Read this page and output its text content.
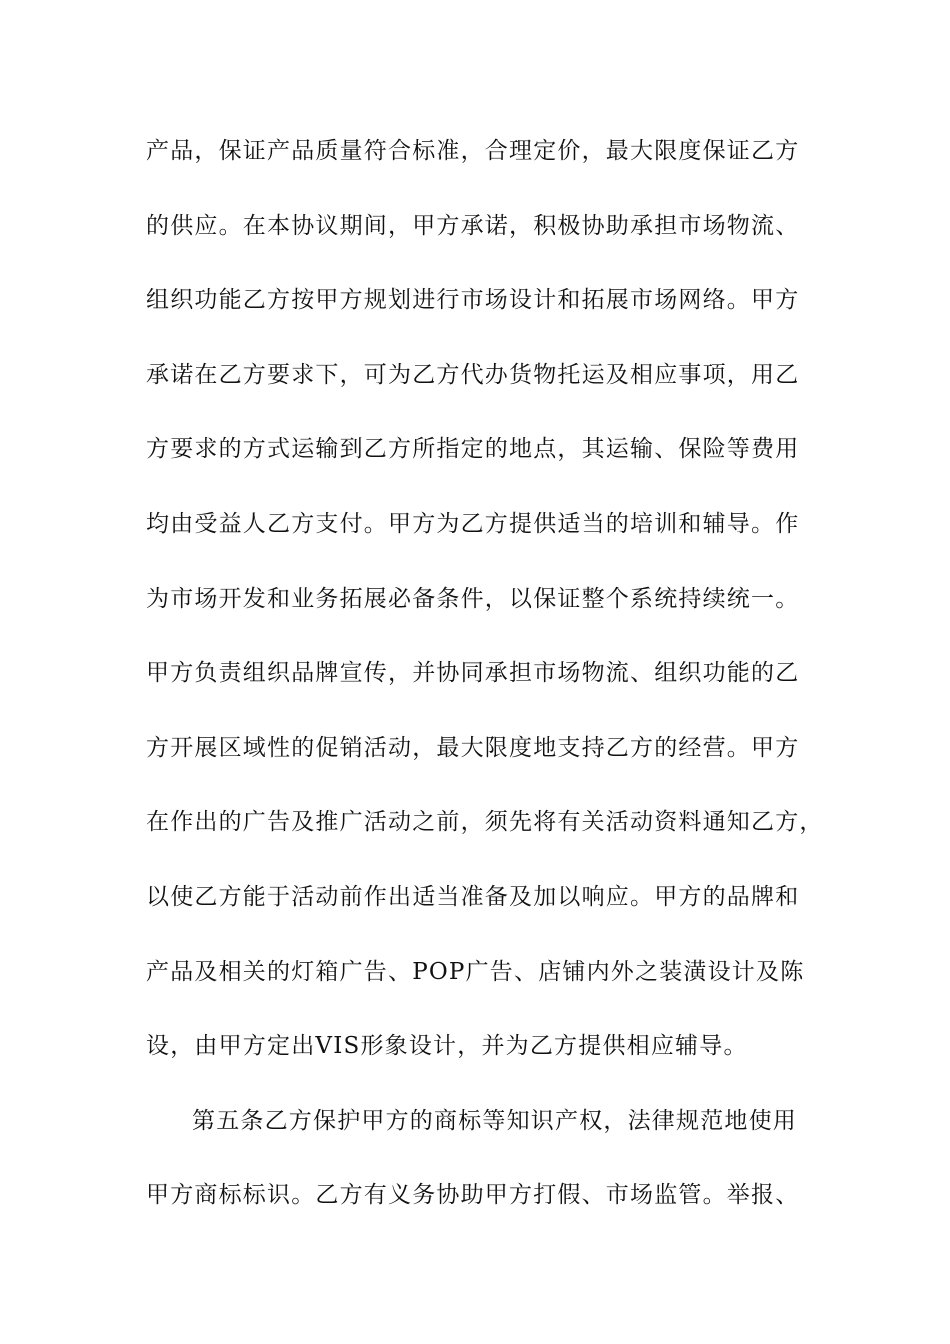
产品，保证产品质量符合标准，合理定价，最大限度保证乙方
的供应。在本协议期间，甲方承诺，积极协助承担市场物流、
组织功能乙方按甲方规划进行市场设计和拓展市场网络。甲方
承诺在乙方要求下，可为乙方代办货物托运及相应事项，用乙
方要求的方式运输到乙方所指定的地点，其运输、保险等费用
均由受益人乙方支付。甲方为乙方提供适当的培训和辅导。作
为市场开发和业务拓展必备条件，以保证整个系统持续统一。
甲方负责组织品牌宣传，并协同承担市场物流、组织功能的乙
方开展区域性的促销活动，最大限度地支持乙方的经营。甲方
在作出的广告及推广活动之前，须先将有关活动资料通知乙方，
以使乙方能于活动前作出适当准备及加以响应。甲方的品牌和
产品及相关的灯箱广告、POP广告、店铺内外之装潢设计及陈
设，由甲方定出VIS形象设计，并为乙方提供相应辅导。
第五条乙方保护甲方的商标等知识产权，法律规范地使用
甲方商标标识。乙方有义务协助甲方打假、市场监管。举报、
